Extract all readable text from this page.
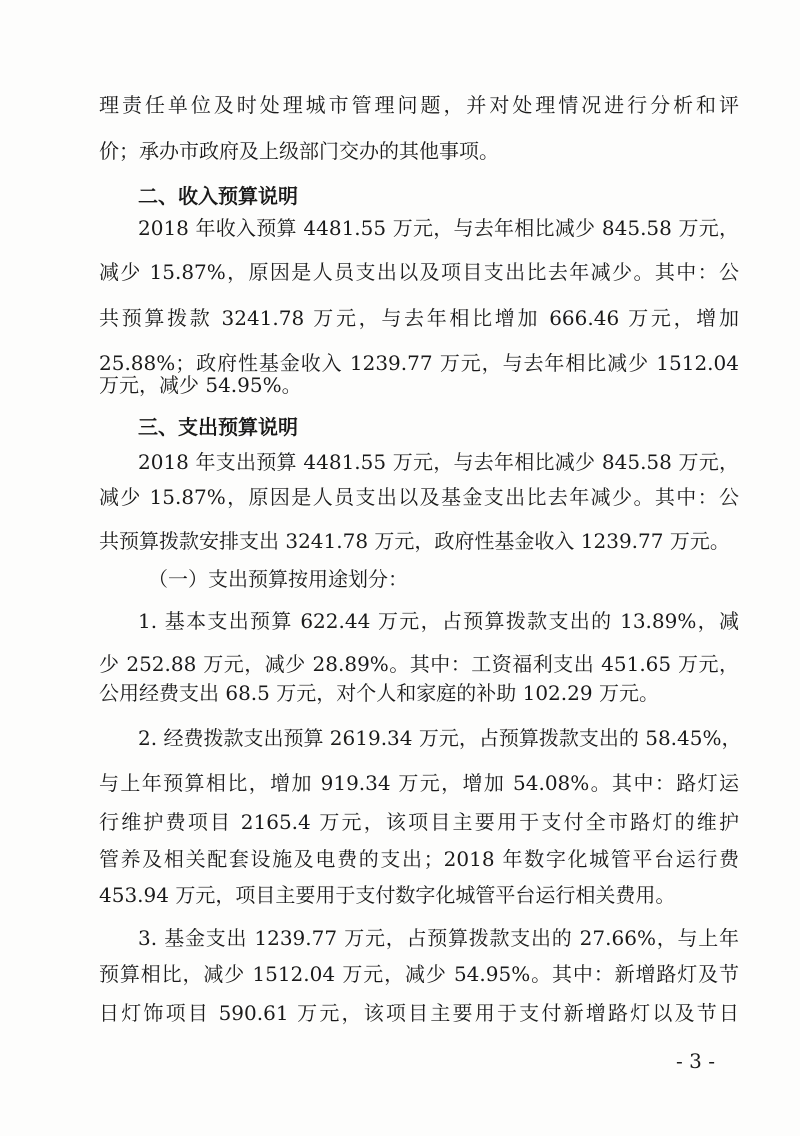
理责任单位及时处理城市管理问题，并对处理情况进行分析和评
价；承办市政府及上级部门交办的其他事项。
二、收入预算说明
2018 年收入预算 4481.55 万元，与去年相比减少 845.58 万元，
减少 15.87%，原因是人员支出以及项目支出比去年减少。其中：公
共预算拨款 3241.78 万元，与去年相比增加 666.46 万元，增加
25.88%；政府性基金收入 1239.77 万元，与去年相比减少 1512.04
万元，减少 54.95%。
三、支出预算说明
2018 年支出预算 4481.55 万元，与去年相比减少 845.58 万元，
减少 15.87%，原因是人员支出以及基金支出比去年减少。其中：公
共预算拨款安排支出 3241.78 万元，政府性基金收入 1239.77 万元。
（一）支出预算按用途划分：
1. 基本支出预算 622.44 万元，占预算拨款支出的 13.89%，减
少 252.88 万元，减少 28.89%。其中：工资福利支出 451.65 万元，
公用经费支出 68.5 万元，对个人和家庭的补助 102.29 万元。
2. 经费拨款支出预算 2619.34 万元，占预算拨款支出的 58.45%，
与上年预算相比，增加 919.34 万元，增加 54.08%。其中：路灯运
行维护费项目 2165.4 万元，该项目主要用于支付全市路灯的维护
管养及相关配套设施及电费的支出；2018 年数字化城管平台运行费
453.94 万元，项目主要用于支付数字化城管平台运行相关费用。
3. 基金支出 1239.77 万元，占预算拨款支出的 27.66%，与上年
预算相比，减少 1512.04 万元，减少 54.95%。其中：新增路灯及节
日灯饰项目 590.61 万元，该项目主要用于支付新增路灯以及节日
- 3 -
